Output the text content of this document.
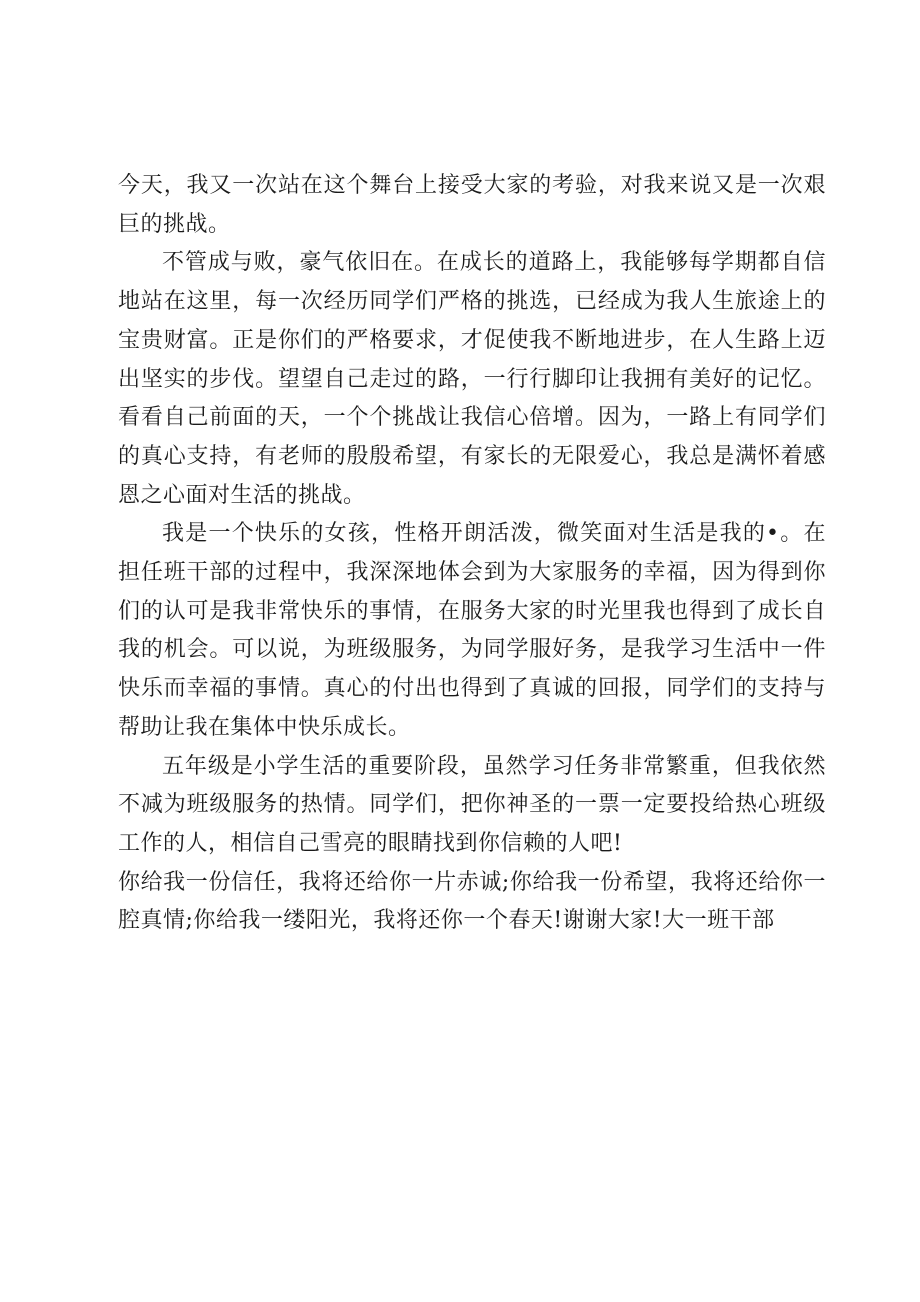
今天，我又一次站在这个舞台上接受大家的考验，对我来说又是一次艰巨的挑战。

不管成与败，豪气依旧在。在成长的道路上，我能够每学期都自信地站在这里，每一次经历同学们严格的挑选，已经成为我人生旅途上的宝贵财富。正是你们的严格要求，才促使我不断地进步，在人生路上迈出坚实的步伐。望望自己走过的路，一行行脚印让我拥有美好的记忆。看看自己前面的天，一个个挑战让我信心倍增。因为，一路上有同学们的真心支持，有老师的殷殷希望，有家长的无限爱心，我总是满怀着感恩之心面对生活的挑战。

我是一个快乐的女孩，性格开朗活泼，微笑面对生活是我的•。在担任班干部的过程中，我深深地体会到为大家服务的幸福，因为得到你们的认可是我非常快乐的事情，在服务大家的时光里我也得到了成长自我的机会。可以说，为班级服务，为同学服好务，是我学习生活中一件快乐而幸福的事情。真心的付出也得到了真诚的回报，同学们的支持与帮助让我在集体中快乐成长。

五年级是小学生活的重要阶段，虽然学习任务非常繁重，但我依然不减为班级服务的热情。同学们，把你神圣的一票一定要投给热心班级工作的人，相信自己雪亮的眼睛找到你信赖的人吧!

你给我一份信任，我将还给你一片赤诚;你给我一份希望，我将还给你一腔真情;你给我一缕阳光，我将还你一个春天!谢谢大家!大一班干部
